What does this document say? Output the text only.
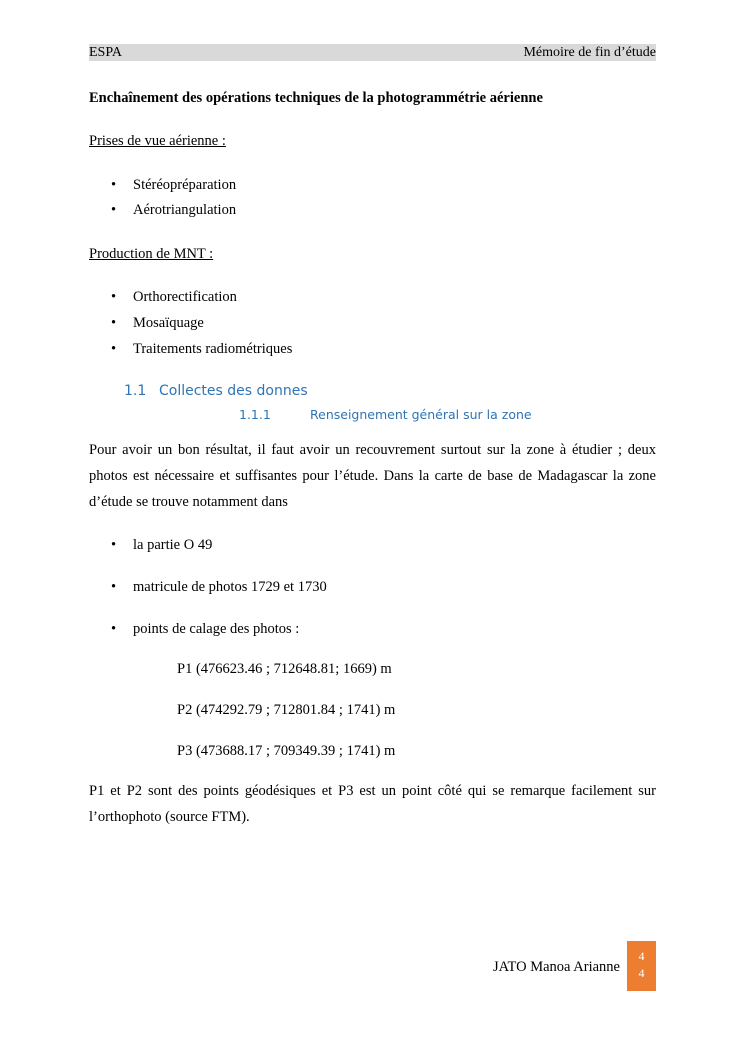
ESPA	Mémoire de fin d’étude
Enchaînement des opérations techniques de la photogrammétrie aérienne
Prises de vue aérienne :
• Stéréopréparation
• Aérotriangulation
Production de MNT :
• Orthorectification
• Mosaïquage
• Traitements radiométriques
1.1 Collectes des donnes
1.1.1	Renseignement général sur la zone
Pour avoir un bon résultat, il faut avoir un recouvrement surtout sur la zone à étudier ; deux photos est nécessaire et suffisantes pour l’étude. Dans la carte de base de Madagascar la zone d’étude se trouve notamment dans
• la partie O 49
• matricule de photos 1729 et 1730
• points de calage des photos :
P1 (476623.46 ; 712648.81; 1669) m
P2 (474292.79 ; 712801.84 ; 1741) m
P3 (473688.17 ; 709349.39 ; 1741) m
P1 et P2 sont des points géodésiques et P3 est un point côté qui se remarque facilement sur l’orthophoto (source FTM).
JATO Manoa Arianne
4
4
